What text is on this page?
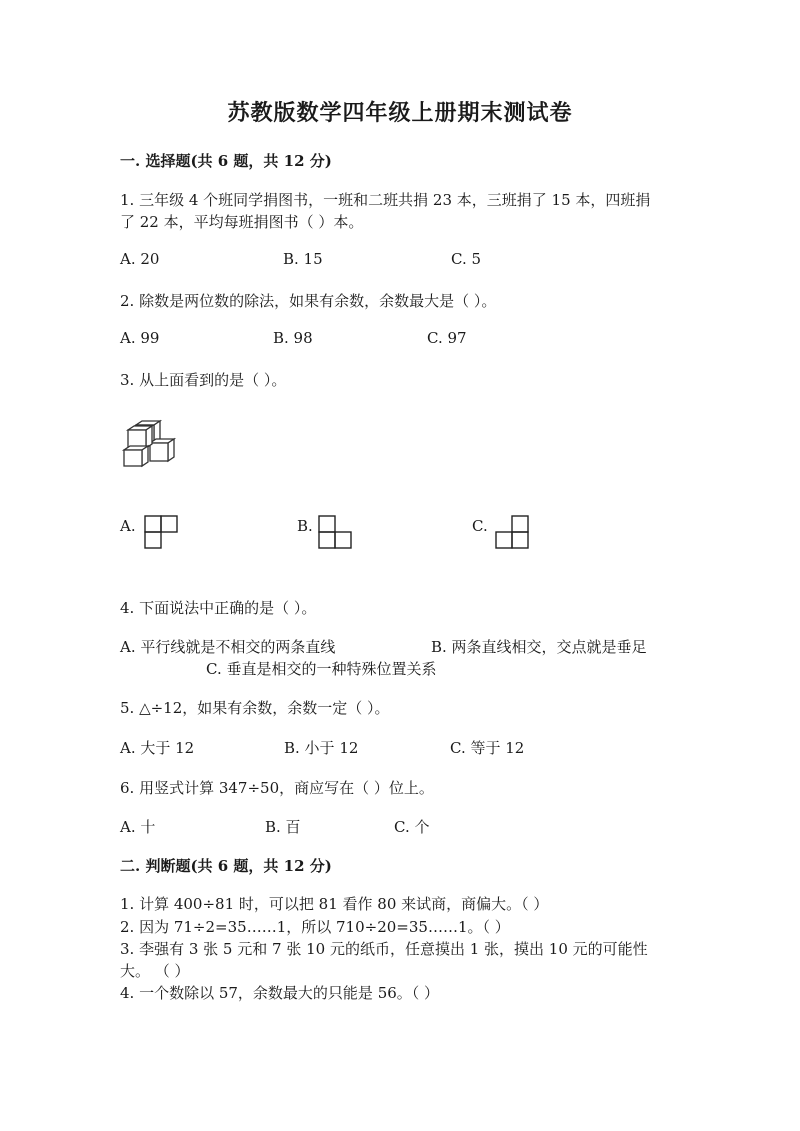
苏教版数学四年级上册期末测试卷
一. 选择题(共 6 题，共 12 分)
1. 三年级 4 个班同学捐图书，一班和二班共捐 23 本，三班捐了 15 本，四班捐
了 22 本，平均每班捐图书（ ）本。
A. 20	B. 15	C. 5
2. 除数是两位数的除法，如果有余数，余数最大是（ ）。
A. 99	B. 98	C. 97
3. 从上面看到的是（ ）。
A.	B.	C.
4. 下面说法中正确的是（ ）。
A. 平行线就是不相交的两条直线	B. 两条直线相交，交点就是垂足
C. 垂直是相交的一种特殊位置关系
5. △÷12，如果有余数，余数一定（ ）。
A. 大于 12	B. 小于 12	C. 等于 12
6. 用竖式计算 347÷50，商应写在（ ）位上。
A. 十	B. 百	C. 个
二. 判断题(共 6 题，共 12 分)
1. 计算 400÷81 时，可以把 81 看作 80 来试商，商偏大。（ ）
2. 因为 71÷2=35……1，所以 710÷20=35……1。（ ）
3. 李强有 3 张 5 元和 7 张 10 元的纸币，任意摸出 1 张，摸出 10 元的可能性
大。 （ ）
4. 一个数除以 57，余数最大的只能是 56。（ ）
